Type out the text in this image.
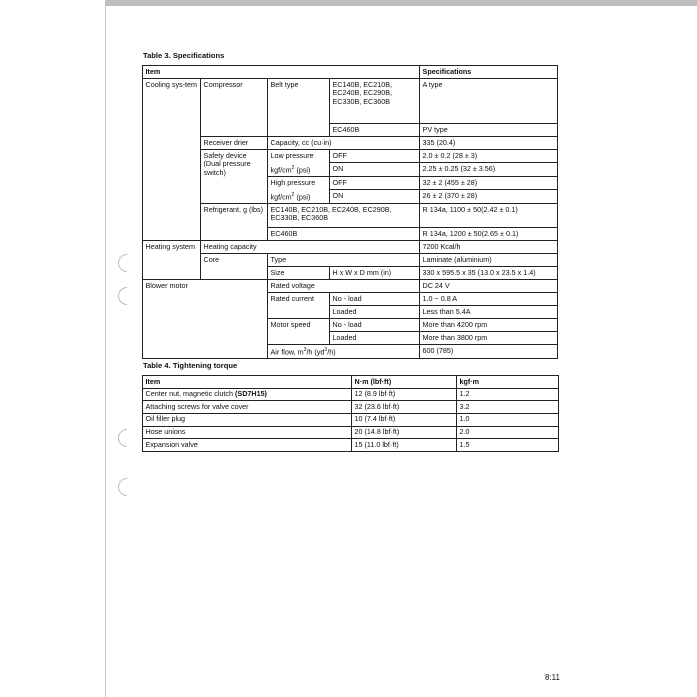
Table 3. Specifications
Item				Specifications
Cooling sys-tem	Compressor	Belt type	EC140B, EC210B, EC240B, EC290B, EC330B, EC360B	A type
			EC460B	PV type
	Receiver drier	Capacity, cc (cu·in)		335 (20.4)
	Safety device (Dual pressure switch)	Low pressure	OFF	2.0 ± 0.2 (28 ± 3)
		kgf/$cm^2$ (psi)	ON	2.25 ± 0.25 (32 ± 3.56)
		High pressure	OFF	32 ± 2 (455 ± 28)
		kgf/$cm^2$ (psi)	ON	26 ± 2 (370 ± 28)
	Refrigerant, g (lbs)	EC140B, EC210B, EC240B, EC290B, EC330B, EC360B		R 134a, 1100 ± 50(2.42 ± 0.1)
		EC460B		R 134a, 1200 ± 50(2.65 ± 0.1)
Heating system	Heating capacity			7200 Kcal/h
	Core	Type		Laminate (aluminium)
		Size	H x W x D mm (in)	330 x 595.5 x 35 (13.0 x 23.5 x 1.4)
Blower motor		Rated voltage		DC 24 V
		Rated current	No - load	1.0 ~ 0.8 A
			Loaded	Less than 5.4A
		Motor speed	No - load	More than 4200 rpm
			Loaded	More than 3800 rpm
		Air flow, $m^3/h$ $(yd^3/h)$		600 (785)
Table 4. Tightening torque
Item	N·m (lbf·ft)	kgf·m
Center nut, magnetic clutch (SD7H15)	12 (8.9 lbf·ft)	1.2
Attaching screws for valve cover	32 (23.6 lbf·ft)	3.2
Oil filler plug	10 (7.4 lbf·ft)	1.0
Hose unions	20 (14.8 lbf·ft)	2.0
Expansion valve	15 (11.0 lbf·ft)	1.5
8:11
